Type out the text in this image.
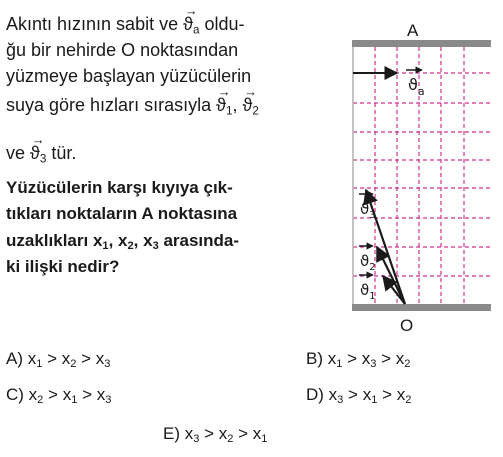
Akıntı hızının sabit ve → $ϑ_a$ oldu-
ğu bir nehirde O noktasından
yüzmeye başlayan yüzücülerin
suya göre hızları sırasıyla → $ϑ_1$, → $ϑ_2$
ve → $ϑ_3$ tür.
Yüzücülerin karşı kıyıya çık-
tıkları noktaların A noktasına
uzaklıkları $x_1$, $x_2$, $x_3$ arasında-
ki ilişki nedir?
A
$ϑ_a$
$ϑ_3$
$ϑ_2$
$ϑ_1$
O
A) $x_1 > x_2 > x_3$	B) $x_1 > x_3 > x_2$
C) $x_2 > x_1 > x_3$	D) $x_3 > x_1 > x_2$
E) $x_3 > x_2 > x_1$
